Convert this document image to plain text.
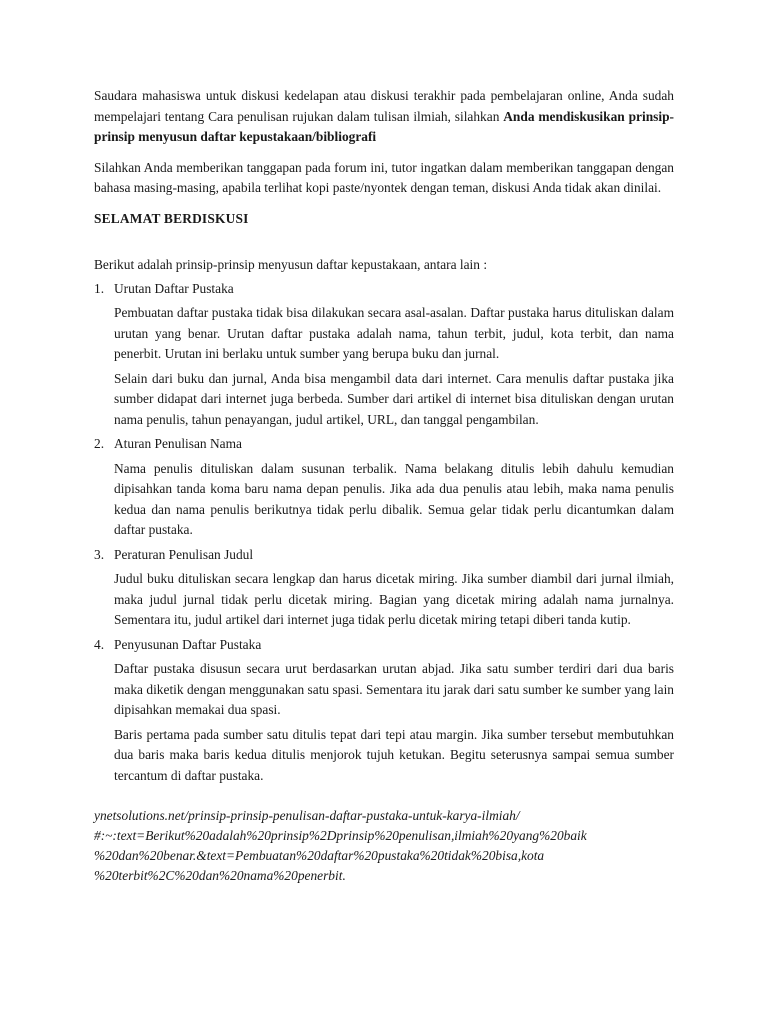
Saudara mahasiswa untuk diskusi kedelapan atau diskusi terakhir pada pembelajaran online, Anda sudah mempelajari tentang Cara penulisan rujukan dalam tulisan ilmiah, silahkan Anda mendiskusikan prinsip-prinsip menyusun daftar kepustakaan/bibliografi

Silahkan Anda memberikan tanggapan pada forum ini, tutor ingatkan dalam memberikan tanggapan dengan bahasa masing-masing, apabila terlihat kopi paste/nyontek dengan teman, diskusi Anda tidak akan dinilai.

SELAMAT BERDISKUSI

Berikut adalah prinsip-prinsip menyusun daftar kepustakaan, antara lain :

1. Urutan Daftar Pustaka

Pembuatan daftar pustaka tidak bisa dilakukan secara asal-asalan. Daftar pustaka harus dituliskan dalam urutan yang benar. Urutan daftar pustaka adalah nama, tahun terbit, judul, kota terbit, dan nama penerbit. Urutan ini berlaku untuk sumber yang berupa buku dan jurnal.

Selain dari buku dan jurnal, Anda bisa mengambil data dari internet. Cara menulis daftar pustaka jika sumber didapat dari internet juga berbeda. Sumber dari artikel di internet bisa dituliskan dengan urutan nama penulis, tahun penayangan, judul artikel, URL, dan tanggal pengambilan.

2. Aturan Penulisan Nama

Nama penulis dituliskan dalam susunan terbalik. Nama belakang ditulis lebih dahulu kemudian dipisahkan tanda koma baru nama depan penulis. Jika ada dua penulis atau lebih, maka nama penulis kedua dan nama penulis berikutnya tidak perlu dibalik. Semua gelar tidak perlu dicantumkan dalam daftar pustaka.

3. Peraturan Penulisan Judul

Judul buku dituliskan secara lengkap dan harus dicetak miring. Jika sumber diambil dari jurnal ilmiah, maka judul jurnal tidak perlu dicetak miring. Bagian yang dicetak miring adalah nama jurnalnya. Sementara itu, judul artikel dari internet juga tidak perlu dicetak miring tetapi diberi tanda kutip.

4. Penyusunan Daftar Pustaka

Daftar pustaka disusun secara urut berdasarkan urutan abjad. Jika satu sumber terdiri dari dua baris maka diketik dengan menggunakan satu spasi. Sementara itu jarak dari satu sumber ke sumber yang lain dipisahkan memakai dua spasi.

Baris pertama pada sumber satu ditulis tepat dari tepi atau margin. Jika sumber tersebut membutuhkan dua baris maka baris kedua ditulis menjorok tujuh ketukan. Begitu seterusnya sampai semua sumber tercantum di daftar pustaka.

ynetsolutions.net/prinsip-prinsip-penulisan-daftar-pustaka-untuk-karya-ilmiah/
#:~:text=Berikut%20adalah%20prinsip%2Dprinsip%20penulisan,ilmiah%20yang%20baik
%20dan%20benar.&text=Pembuatan%20daftar%20pustaka%20tidak%20bisa,kota
%20terbit%2C%20dan%20nama%20penerbit.
